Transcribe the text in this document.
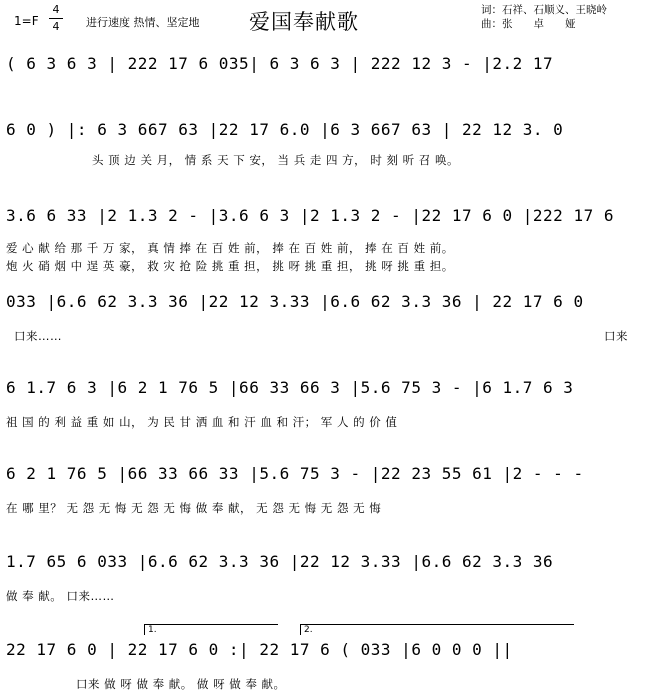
1=F
4
4	进行速度 热情、坚定地 爱国奉献歌	词：石祥、石顺义、王晓岭
曲：张　　卓　　娅
( 6 3 6 3 | 222 17 6 035| 6 3 6 3 | 222 12 3 - |2.2 17
6 0 ) |: 6 3 667 63 |22 17 6.0 |6 3 667 63 | 22 12 3. 0
头 顶 边 关 月， 情 系 天 下 安， 当 兵 走 四 方， 时 刻 听 召 唤。
3.6 6 33 |2 1.3 2 - |3.6 6 3 |2 1.3 2 - |22 17 6 0 |222 17 6
爱 心 献 给 那 千 万 家， 真 情 捧 在 百 姓 前， 捧 在 百 姓 前， 捧 在 百 姓 前。
炮 火 硝 烟 中 逞 英 豪， 救 灾 抢 险 挑 重 担， 挑 呀 挑 重 担， 挑 呀 挑 重 担。
033 |6.6 62 3.3 36 |22 12 3.33 |6.6 62 3.3 36 | 22 17 6 0
口来……	口来
6 1.7 6 3 |6 2 1 76 5 |66 33 66 3 |5.6 75 3 - |6 1.7 6 3
祖 国 的 利 益 重 如 山， 为 民 甘 洒 血 和 汗 血 和 汗； 军 人 的 价 值
6 2 1 76 5 |66 33 66 33 |5.6 75 3 - |22 23 55 61 |2 - - -
在 哪 里？ 无 怨 无 悔 无 怨 无 悔 做 奉 献， 无 怨 无 悔 无 怨 无 悔
1.7 65 6 033 |6.6 62 3.3 36 |22 12 3.33 |6.6 62 3.3 36
做 奉 献。 口来……
1.	2.
22 17 6 0 | 22 17 6 0 :| 22 17 6 ( 033 |6 0 0 0 ||
口来 做 呀 做 奉 献。 做 呀 做 奉 献。
